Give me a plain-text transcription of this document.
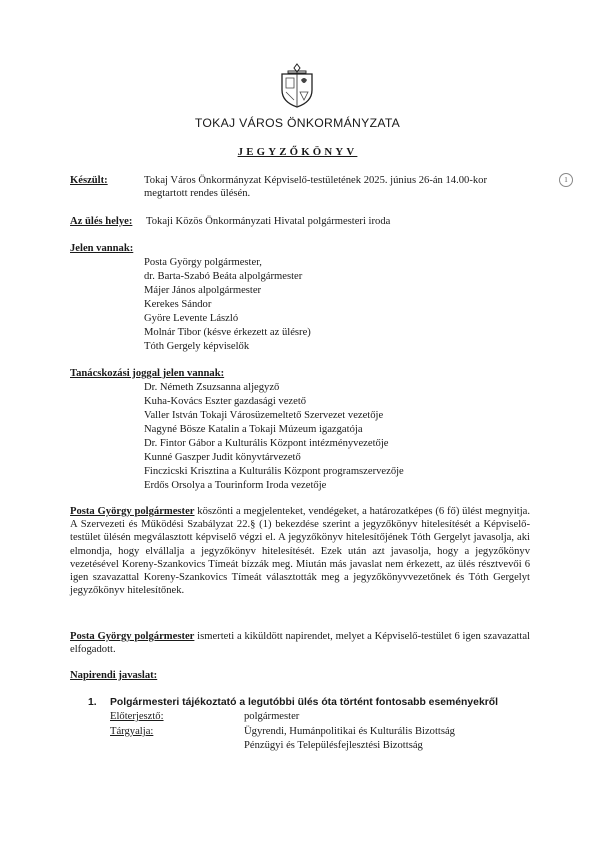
TOKAJ VÁROS ÖNKORMÁNYZATA
JEGYZŐKÖNYV
1
Készült:	Tokaj Város Önkormányzat Képviselő-testületének 2025. június 26-án 14.00-kor
megtartott rendes ülésén.
Az ülés helye: Tokaji Közös Önkormányzati Hivatal polgármesteri iroda
Jelen vannak:
Posta György polgármester,
dr. Barta-Szabó Beáta alpolgármester
Májer János alpolgármester
Kerekes Sándor
Györe Levente László
Molnár Tibor (késve érkezett az ülésre)
Tóth Gergely képviselők
Tanácskozási joggal jelen vannak:
Dr. Németh Zsuzsanna aljegyző
Kuha-Kovács Eszter gazdasági vezető
Valler István Tokaji Városüzemeltető Szervezet vezetője
Nagyné Bösze Katalin a Tokaji Múzeum igazgatója
Dr. Fintor Gábor a Kulturális Központ intézményvezetője
Kunné Gaszper Judit könyvtárvezető
Finczicski Krisztina a Kulturális Központ programszervezője
Erdős Orsolya a Tourinform Iroda vezetője
Posta György polgármester köszönti a megjelenteket, vendégeket, a határozatképes (6 fő) ülést megnyitja. A Szervezeti és Működési Szabályzat 22.§ (1) bekezdése szerint a jegyzőkönyv hitelesítését a Képviselő-testület ülésén megválasztott képviselő végzi el. A jegyzőkönyv hitelesítőjének Tóth Gergelyt javasolja, aki elmondja, hogy elvállalja a jegyzőkönyv hitelesítését. Ezek után azt javasolja, hogy a jegyzőkönyv vezetésével Koreny-Szankovics Tímeát bízzák meg. Miután más javaslat nem érkezett, az ülés résztvevői 6 igen szavazattal Koreny-Szankovics Tímeát választották meg a jegyzőkönyvvezetőnek és Tóth Gergelyt jegyzőkönyv hitelesítőnek.
Posta György polgármester ismerteti a kiküldött napirendet, melyet a Képviselő-testület 6 igen szavazattal elfogadott.
Napirendi javaslat:
1. Polgármesteri tájékoztató a legutóbbi ülés óta történt fontosabb eseményekről
Előterjesztő:	polgármester
Tárgyalja:	Ügyrendi, Humánpolitikai és Kulturális Bizottság
Pénzügyi és Településfejlesztési Bizottság
